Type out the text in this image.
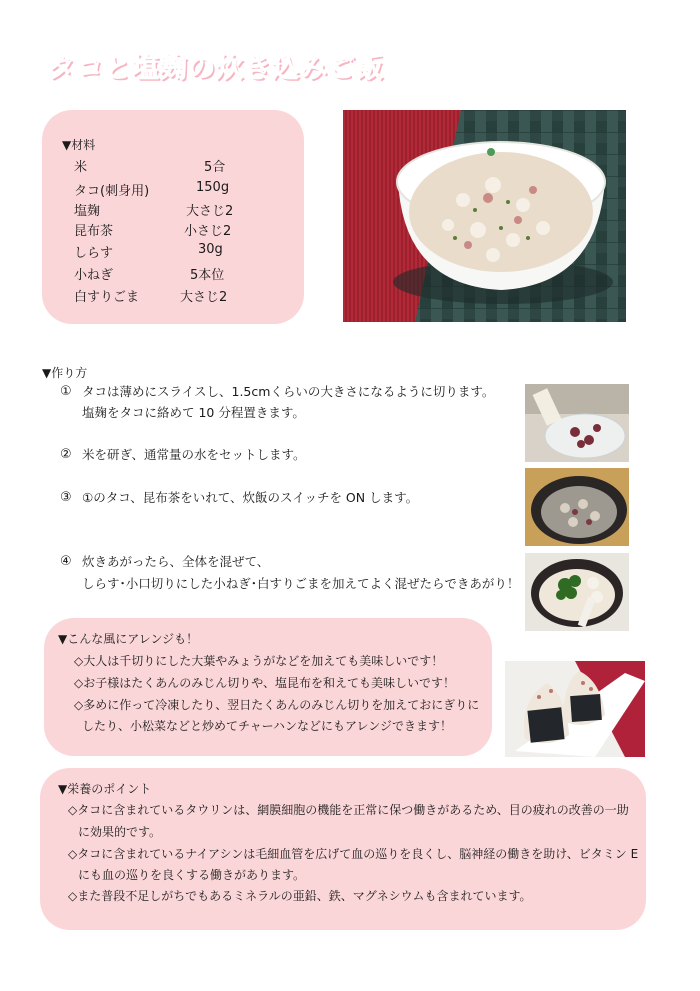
タコと塩麹の炊き込みご飯
▼材料
米	5合
タコ(刺身用)	150g
塩麹	大さじ2
昆布茶	小さじ2
しらす	30g
小ねぎ	5本位
白すりごま	大さじ2
▼作り方
① タコは薄めにスライスし、1.5cmくらいの大きさになるように切ります。
塩麹をタコに絡めて 10 分程置きます。
② 米を研ぎ、通常量の水をセットします。
③ ①のタコ、昆布茶をいれて、炊飯のスイッチを ON します。
④ 炊きあがったら、全体を混ぜて、
しらす･小口切りにした小ねぎ･白すりごまを加えてよく混ぜたらできあがり！
▼こんな風にアレンジも！
◇大人は千切りにした大葉やみょうがなどを加えても美味しいです！
◇お子様はたくあんのみじん切りや、塩昆布を和えても美味しいです！
◇多めに作って冷凍したり、翌日たくあんのみじん切りを加えておにぎりに
したり、小松菜などと炒めてチャーハンなどにもアレンジできます！
▼栄養のポイント
◇タコに含まれているタウリンは、網膜細胞の機能を正常に保つ働きがあるため、目の疲れの改善の一助
に効果的です。
◇タコに含まれているナイアシンは毛細血管を広げて血の巡りを良くし、脳神経の働きを助け、ビタミン E
にも血の巡りを良くする働きがあります。
◇また普段不足しがちでもあるミネラルの亜鉛、鉄、マグネシウムも含まれています。
